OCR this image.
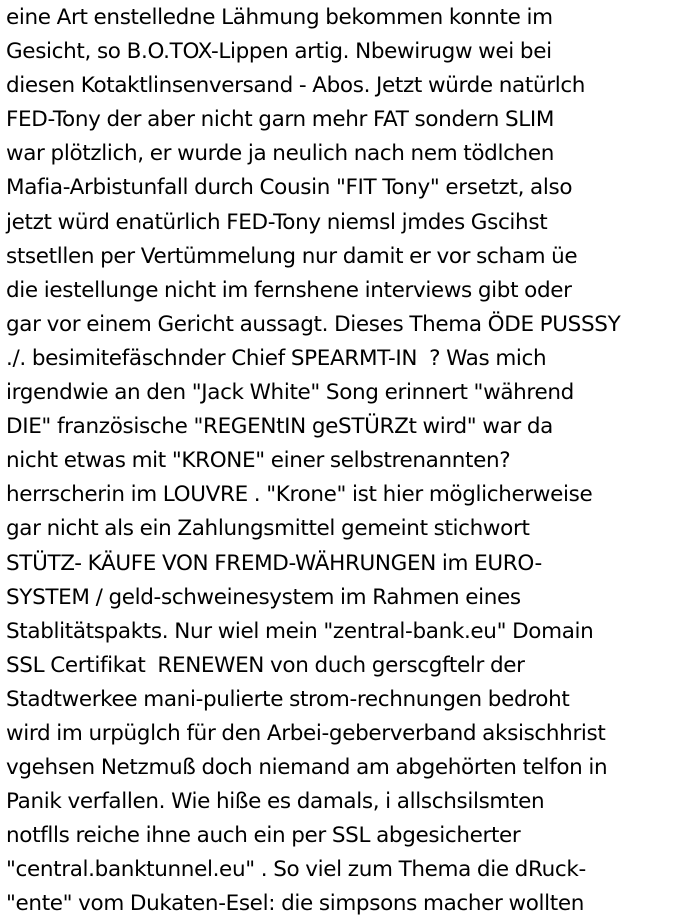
eine Art enstelledne Lähmung bekommen konnte im
Gesicht, so B.O.TOX-Lippen artig. Nbewirugw wei bei
diesen Kotaktlinsenversand - Abos. Jetzt würde natürlch
FED-Tony der aber nicht garn mehr FAT sondern SLIM
war plötzlich, er wurde ja neulich nach nem tödlchen
Mafia-Arbistunfall durch Cousin "FIT Tony" ersetzt, also
jetzt würd enatürlich FED-Tony niemsl jmdes Gscihst
stsetllen per Vertümmelung nur damit er vor scham üe
die iestellunge nicht im fernshene interviews gibt oder
gar vor einem Gericht aussagt. Dieses Thema ÖDE PUSSSY
./. besimitefäschnder Chief SPEARMT-IN  ? Was mich
irgendwie an den "Jack White" Song erinnert "während
DIE" französische "REGENtIN geSTÜRZt wird" war da
nicht etwas mit "KRONE" einer selbstrenannten?
herrscherin im LOUVRE . "Krone" ist hier möglicherweise
gar nicht als ein Zahlungsmittel gemeint stichwort
STÜTZ- KÄUFE VON FREMD-WÄHRUNGEN im EURO-
SYSTEM / geld-schweinesystem im Rahmen eines
Stablitätspakts. Nur wiel mein "zentral-bank.eu" Domain
SSL Certifikat  RENEWEN von duch gerscgftelr der
Stadtwerkee mani-pulierte strom-rechnungen bedroht
wird im urpüglch für den Arbei-geberverband aksischhrist
vgehsen Netzmuß doch niemand am abgehörten telfon in
Panik verfallen. Wie hiße es damals, i allschsilsmten
notflls reiche ihne auch ein per SSL abgesicherter
"central.banktunnel.eu" . So viel zum Thema die dRuck-
"ente" vom Dukaten-Esel: die simpsons macher wollten
